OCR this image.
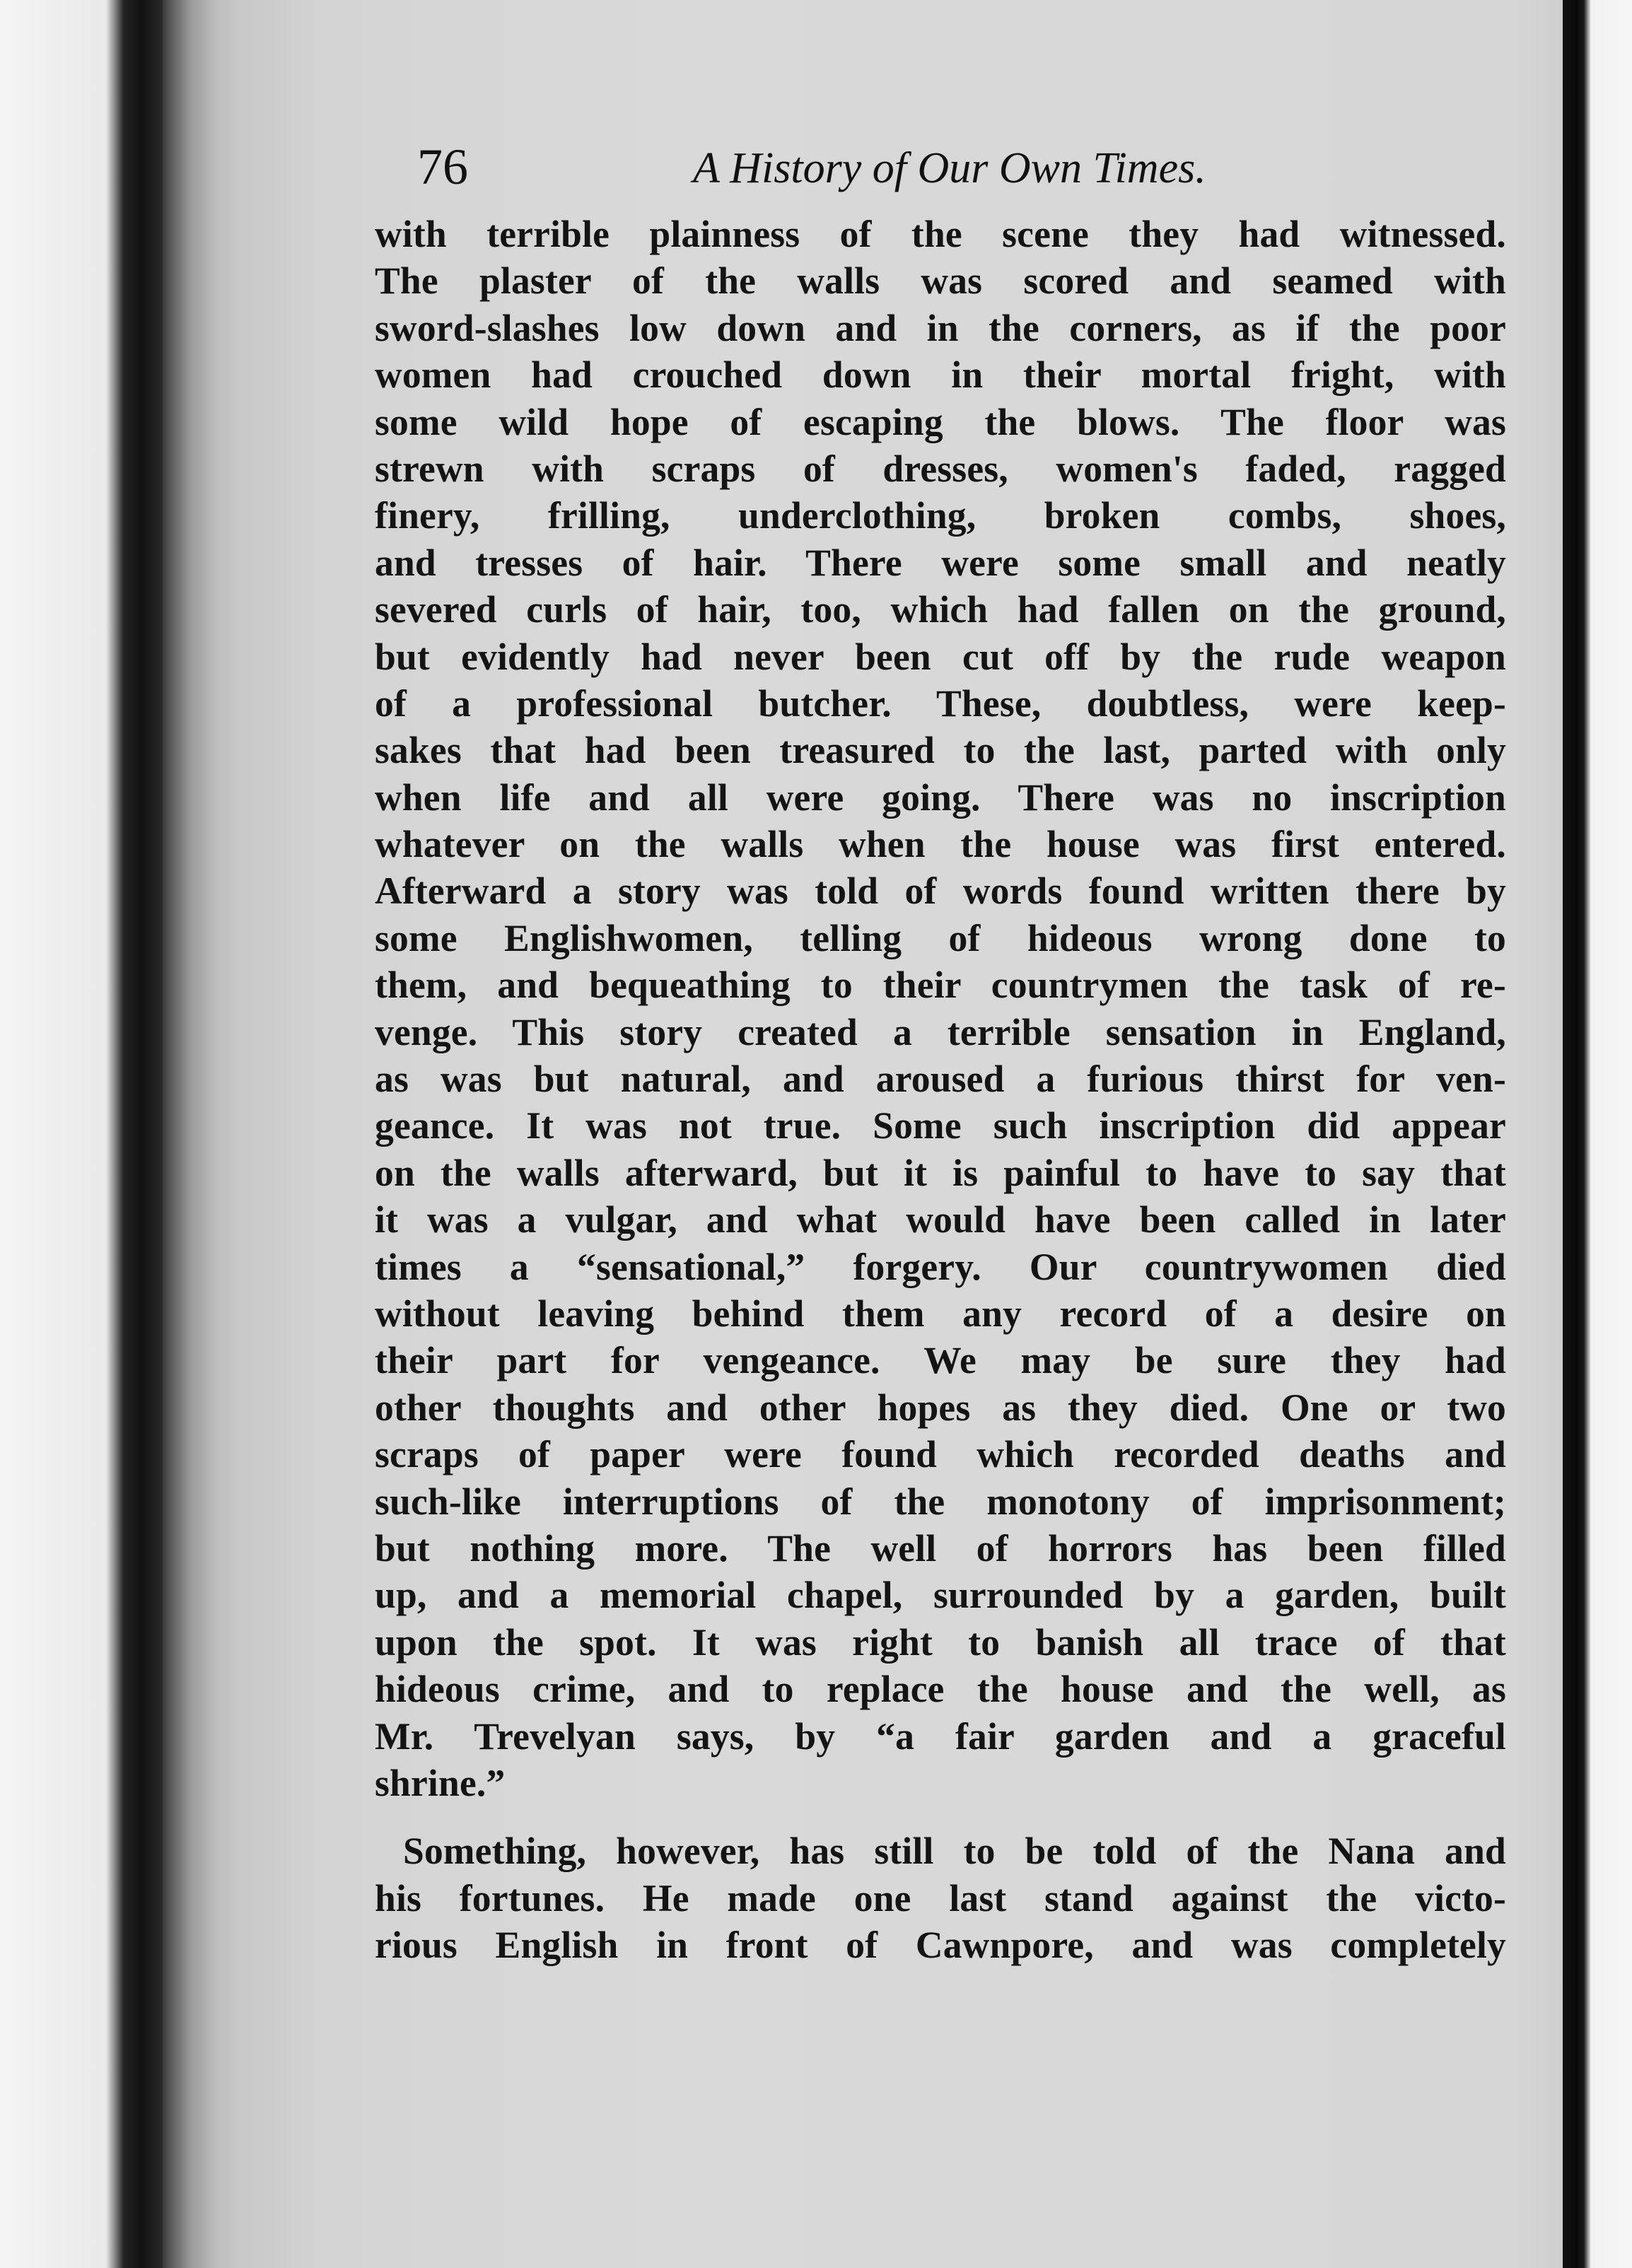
76	A History of Our Own Times.
with terrible plainness of the scene they had witnessed.
The plaster of the walls was scored and seamed with
sword-slashes low down and in the corners, as if the poor
women had crouched down in their mortal fright, with
some wild hope of escaping the blows. The floor was
strewn with scraps of dresses, women's faded, ragged
finery, frilling, underclothing, broken combs, shoes,
and tresses of hair. There were some small and neatly
severed curls of hair, too, which had fallen on the ground,
but evidently had never been cut off by the rude weapon
of a professional butcher. These, doubtless, were keep-
sakes that had been treasured to the last, parted with only
when life and all were going. There was no inscription
whatever on the walls when the house was first entered.
Afterward a story was told of words found written there by
some Englishwomen, telling of hideous wrong done to
them, and bequeathing to their countrymen the task of re-
venge. This story created a terrible sensation in England,
as was but natural, and aroused a furious thirst for ven-
geance. It was not true. Some such inscription did appear
on the walls afterward, but it is painful to have to say that
it was a vulgar, and what would have been called in later
times a “sensational,” forgery. Our countrywomen died
without leaving behind them any record of a desire on
their part for vengeance. We may be sure they had
other thoughts and other hopes as they died. One or two
scraps of paper were found which recorded deaths and
such-like interruptions of the monotony of imprisonment;
but nothing more. The well of horrors has been filled
up, and a memorial chapel, surrounded by a garden, built
upon the spot. It was right to banish all trace of that
hideous crime, and to replace the house and the well, as
Mr. Trevelyan says, by “a fair garden and a graceful
shrine.”
Something, however, has still to be told of the Nana and
his fortunes. He made one last stand against the victo-
rious English in front of Cawnpore, and was completely
